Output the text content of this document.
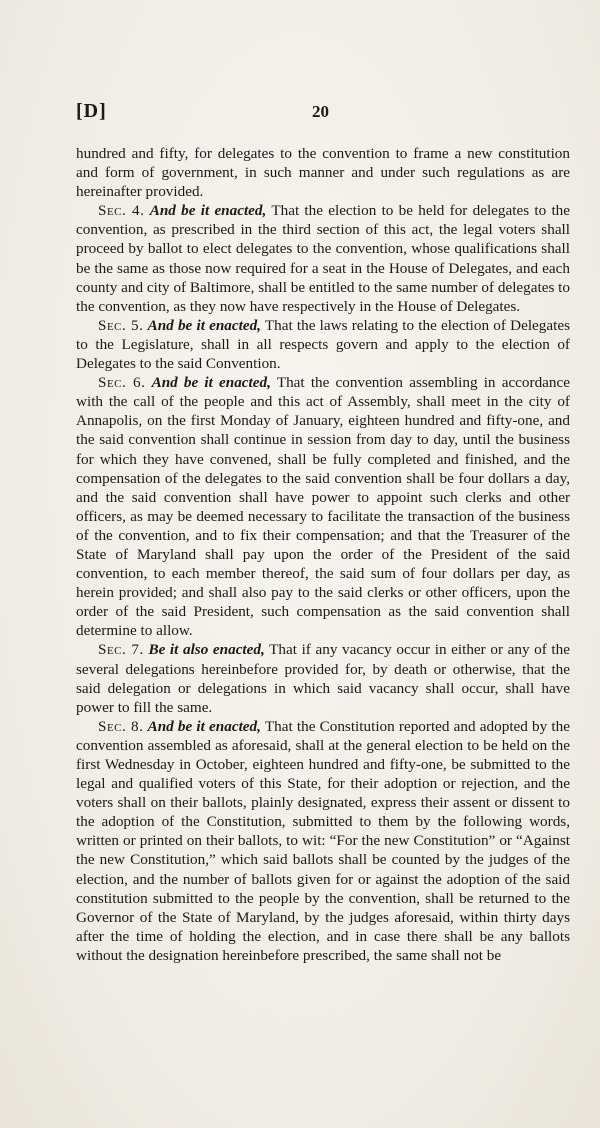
[D]	20

hundred and fifty, for delegates to the convention to frame a new constitution and form of government, in such manner and under such regulations as are hereinafter provided.

Sec. 4. And be it enacted, That the election to be held for delegates to the convention, as prescribed in the third section of this act, the legal voters shall proceed by ballot to elect delegates to the convention, whose qualifications shall be the same as those now required for a seat in the House of Delegates, and each county and city of Baltimore, shall be entitled to the same number of delegates to the convention, as they now have respectively in the House of Delegates.

Sec. 5. And be it enacted, That the laws relating to the election of Delegates to the Legislature, shall in all respects govern and apply to the election of Delegates to the said Convention.

Sec. 6. And be it enacted, That the convention assembling in accordance with the call of the people and this act of Assembly, shall meet in the city of Annapolis, on the first Monday of January, eighteen hundred and fifty-one, and the said convention shall continue in session from day to day, until the business for which they have convened, shall be fully completed and finished, and the compensation of the delegates to the said convention shall be four dollars a day, and the said convention shall have power to appoint such clerks and other officers, as may be deemed necessary to facilitate the transaction of the business of the convention, and to fix their compensation; and that the Treasurer of the State of Maryland shall pay upon the order of the President of the said convention, to each member thereof, the said sum of four dollars per day, as herein provided; and shall also pay to the said clerks or other officers, upon the order of the said President, such compensation as the said convention shall determine to allow.

Sec. 7. Be it also enacted, That if any vacancy occur in either or any of the several delegations hereinbefore provided for, by death or otherwise, that the said delegation or delegations in which said vacancy shall occur, shall have power to fill the same.

Sec. 8. And be it enacted, That the Constitution reported and adopted by the convention assembled as aforesaid, shall at the general election to be held on the first Wednesday in October, eighteen hundred and fifty-one, be submitted to the legal and qualified voters of this State, for their adoption or rejection, and the voters shall on their ballots, plainly designated, express their assent or dissent to the adoption of the Constitution, submitted to them by the following words, written or printed on their ballots, to wit: “For the new Constitution” or “Against the new Constitution,” which said ballots shall be counted by the judges of the election, and the number of ballots given for or against the adoption of the said constitution submitted to the people by the convention, shall be returned to the Governor of the State of Maryland, by the judges aforesaid, within thirty days after the time of holding the election, and in case there shall be any ballots without the designation hereinbefore prescribed, the same shall not be
